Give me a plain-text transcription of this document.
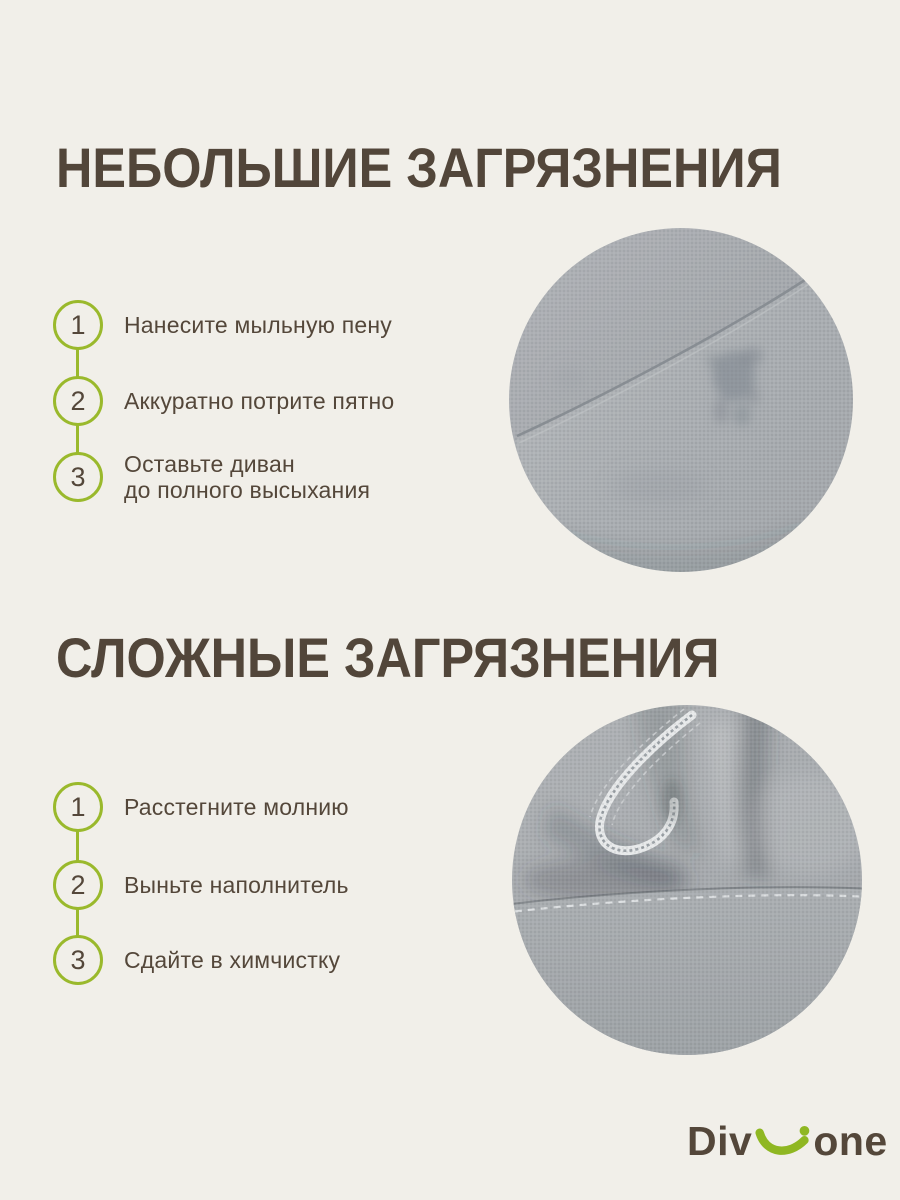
НЕБОЛЬШИЕ ЗАГРЯЗНЕНИЯ
1	Нанесите мыльную пену
2	Аккуратно потрите пятно
3	Оставьте диван
до полного высыхания
СЛОЖНЫЕ ЗАГРЯЗНЕНИЯ
1	Расстегните молнию
2	Выньте наполнитель
3	Сдайте в химчистку
Div one
